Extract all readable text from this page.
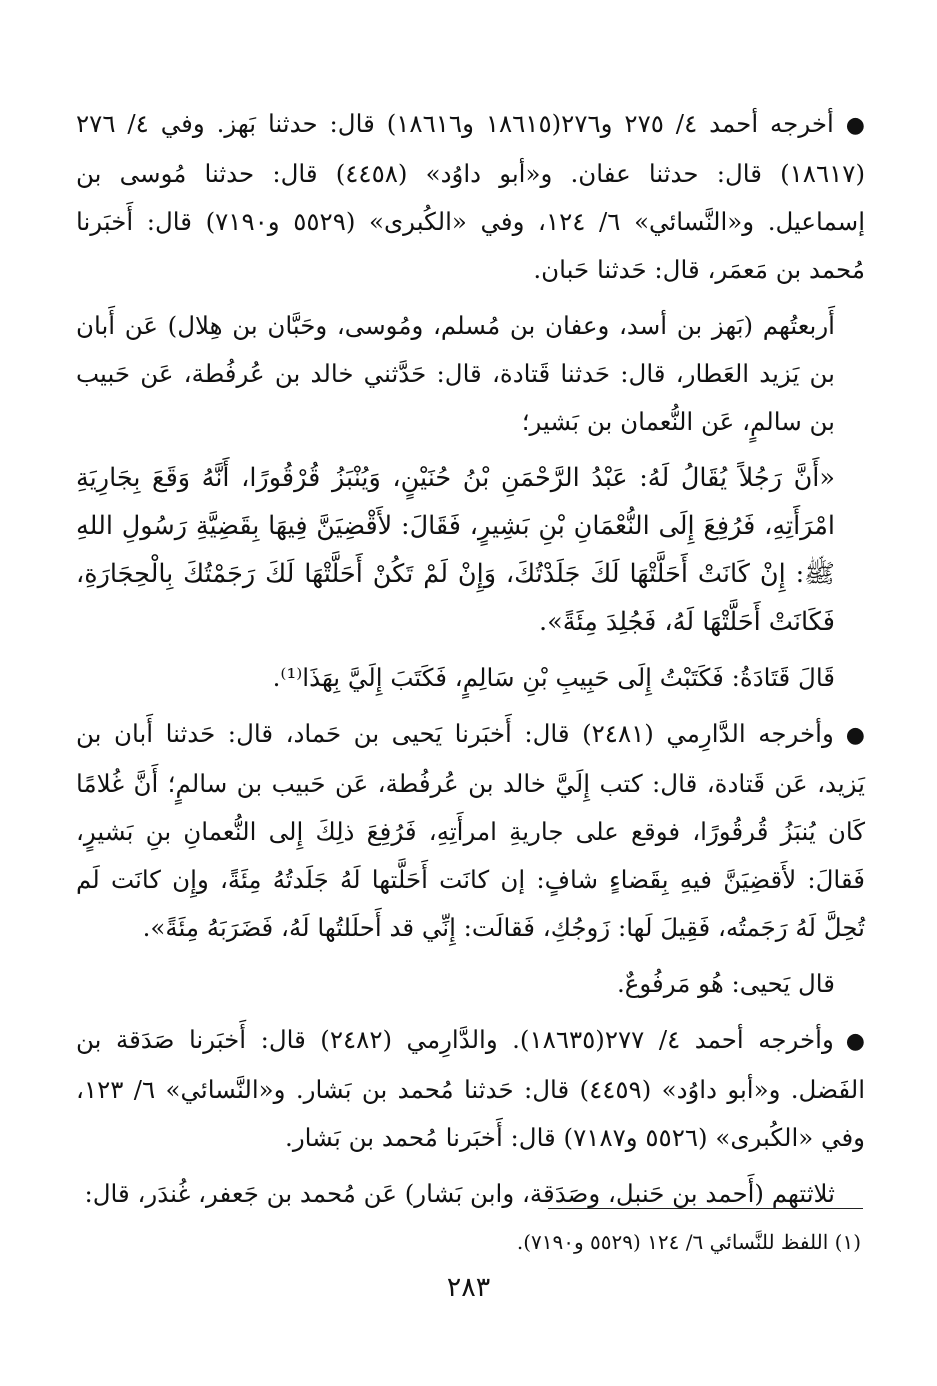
●أخرجه أحمد ٤/ ٢٧٥ و٢٧٦(١٨٦١٥ و١٨٦١٦) قال: حدثنا بَهز. وفي ٤/ ٢٧٦ (١٨٦١٧) قال: حدثنا عفان. و«أبو داوُد» (٤٤٥٨) قال: حدثنا مُوسى بن إسماعيل. و«النَّسائي» ٦/ ١٢٤، وفي «الكُبرى» (٥٥٢٩ و٧١٩٠) قال: أَخبَرنا مُحمد بن مَعمَر، قال: حَدثنا حَبان.

أَربعتُهم (بَهز بن أسد، وعفان بن مُسلم، ومُوسى، وحَبَّان بن هِلال) عَن أَبان بن يَزيد العَطار، قال: حَدثنا قَتادة، قال: حَدَّثني خالد بن عُرفُطة، عَن حَبيب بن سالمٍ، عَن النُّعمان بن بَشير؛

«أَنَّ رَجُلاً يُقَالُ لَهُ: عَبْدُ الرَّحْمَنِ بْنُ حُنَيْنٍ، وَيُنْبَزُ قُرْقُورًا، أَنَّهُ وَقَعَ بِجَارِيَةِ امْرَأَتِهِ، فَرُفِعَ إِلَى النُّعْمَانِ بْنِ بَشِيرٍ، فَقَالَ: لأَقْضِيَنَّ فِيهَا بِقَضِيَّةِ رَسُولِ اللهِ ﷺ: إِنْ كَانَتْ أَحَلَّتْهَا لَكَ جَلَدْتُكَ، وَإِنْ لَمْ تَكُنْ أَحَلَّتْهَا لَكَ رَجَمْتُكَ بِالْحِجَارَةِ، فَكَانَتْ أَحَلَّتْهَا لَهُ، فَجُلِدَ مِئَةً».

قَالَ قَتَادَةُ: فَكَتَبْتُ إِلَى حَبِيبِ بْنِ سَالِمٍ، فَكَتَبَ إِلَيَّ بِهَذَا⁽¹⁾.

●وأخرجه الدَّارِمي (٢٤٨١) قال: أَخبَرنا يَحيى بن حَماد، قال: حَدثنا أَبان بن يَزيد، عَن قَتادة، قال: كتب إِلَيَّ خالد بن عُرفُطة، عَن حَبيب بن سالمٍ؛ أَنَّ غُلامًا كَان يُنبَزُ قُرقُورًا، فوقع على جاريةِ امرأَتِهِ، فَرُفِعَ ذلِكَ إِلى النُّعمانِ بنِ بَشيرٍ، فَقالَ: لأَقضِيَنَّ فيهِ بِقَضاءٍ شافٍ: إن كانَت أَحَلَّتها لَهُ جَلَدتُهُ مِئَةً، وإِن كانَت لَم تُحِلَّ لَهُ رَجَمتُه، فَقِيلَ لَها: زَوجُكِ، فَقالَت: إِنِّي قد أَحلَلتُها لَهُ، فَضَرَبَهُ مِئَةً».

قال يَحيى: هُو مَرفُوعٌ.

●وأخرجه أحمد ٤/ ٢٧٧(١٨٦٣٥). والدَّارِمي (٢٤٨٢) قال: أَخبَرنا صَدَقة بن الفَضل. و«أبو داوُد» (٤٤٥٩) قال: حَدثنا مُحمد بن بَشار. و«النَّسائي» ٦/ ١٢٣، وفي «الكُبرى» (٥٥٢٦ و٧١٨٧) قال: أَخبَرنا مُحمد بن بَشار.

ثلاثتهم (أَحمد بن حَنبل، وصَدَقة، وابن بَشار) عَن مُحمد بن جَعفر، غُندَر، قال:

(١) اللفظ للنَّسائي ٦/ ١٢٤ (٥٥٢٩ و٧١٩٠).

٢٨٣
